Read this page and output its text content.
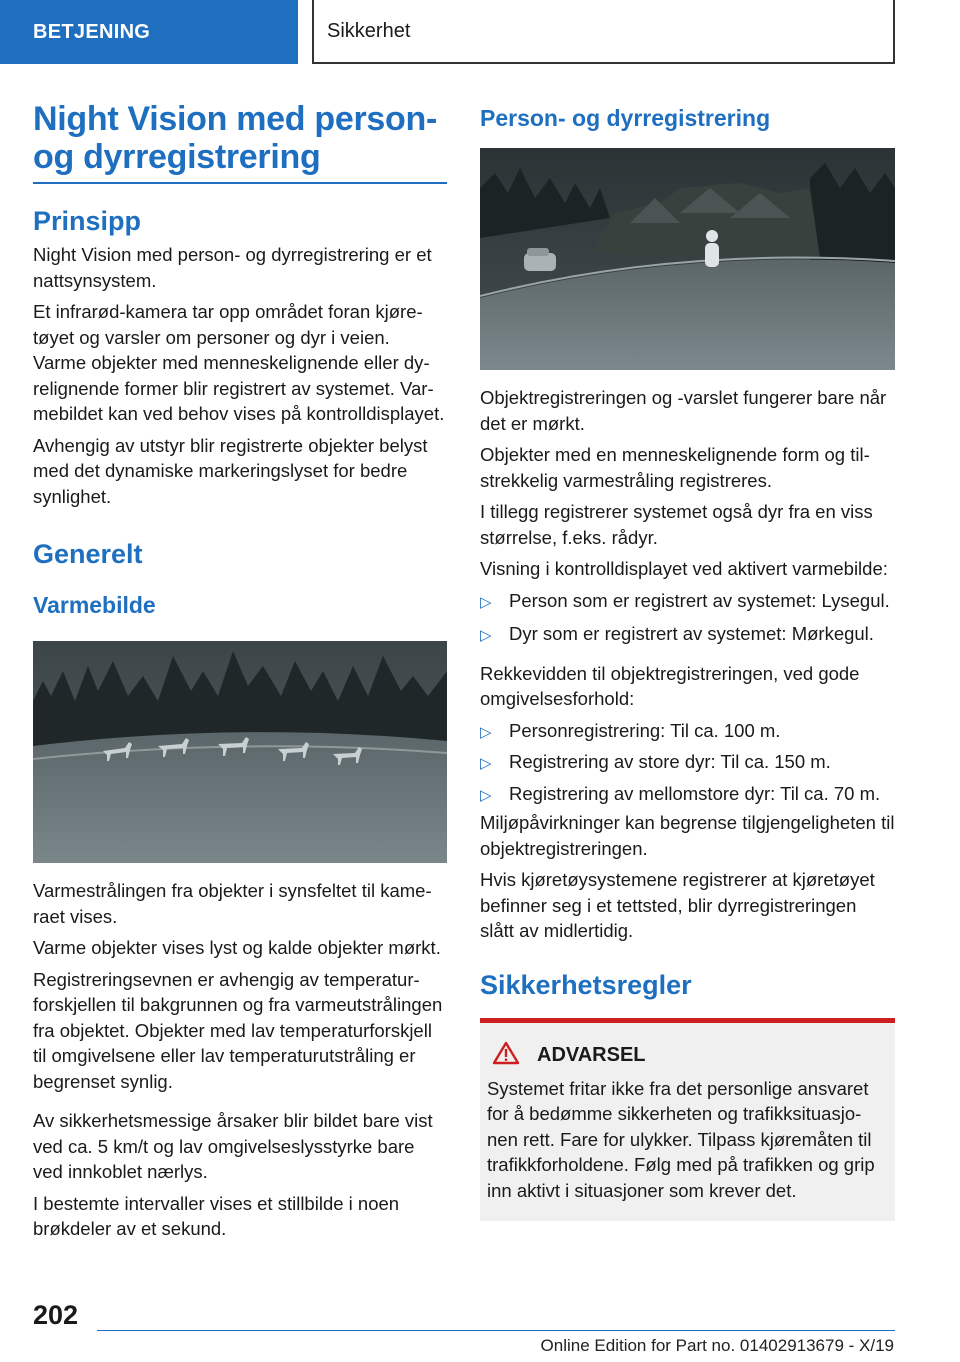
BETJENING	Sikkerhet
Night Vision med person-
og dyrregistrering
Prinsipp

Night Vision med person- og dyrregistrering er et nattsynsystem.

Et infrarød-kamera tar opp området foran kjøretøyet og varsler om personer og dyr i veien. Varme objekter med menneskelignende eller dyrelignende former blir registrert av systemet. Varmebildet kan ved behov vises på kontrolldisplayet.

Avhengig av utstyr blir registrerte objekter belyst med det dynamiske markeringslyset for bedre synlighet.

Generelt
Varmebilde

Varmestrålingen fra objekter i synsfeltet til kameraet vises.

Varme objekter vises lyst og kalde objekter mørkt.

Registreringsevnen er avhengig av temperaturforskjellen til bakgrunnen og fra varmeutstrålingen fra objektet. Objekter med lav temperaturforskjell til omgivelsene eller lav temperaturutstråling er begrenset synlig.

Av sikkerhetsmessige årsaker blir bildet bare vist ved ca. 5 km/t og lav omgivelseslysstyrke bare ved innkoblet nærlys.

I bestemte intervaller vises et stillbilde i noen brøkdeler av et sekund.

Person- og dyrregistrering

Objektregistreringen og -varslet fungerer bare når det er mørkt.

Objekter med en menneskelignende form og tilstrekkelig varmestråling registreres.

I tillegg registrerer systemet også dyr fra en viss størrelse, f.eks. rådyr.

Visning i kontrolldisplayet ved aktivert varmebilde:

▷ Person som er registrert av systemet: Lysegul.
▷ Dyr som er registrert av systemet: Mørkegul.

Rekkevidden til objektregistreringen, ved gode omgivelsesforhold:

▷ Personregistrering: Til ca. 100 m.
▷ Registrering av store dyr: Til ca. 150 m.
▷ Registrering av mellomstore dyr: Til ca. 70 m.

Miljøpåvirkninger kan begrense tilgjengeligheten til objektregistreringen.

Hvis kjøretøysystemene registrerer at kjøretøyet befinner seg i et tettsted, blir dyrregistreringen slått av midlertidig.

Sikkerhetsregler
ADVARSEL

Systemet fritar ikke fra det personlige ansvaret for å bedømme sikkerheten og trafikksituasjonen rett. Fare for ulykker. Tilpass kjøremåten til trafikkforholdene. Følg med på trafikken og grip inn aktivt i situasjoner som krever det.

202
Online Edition for Part no. 01402913679 - X/19
